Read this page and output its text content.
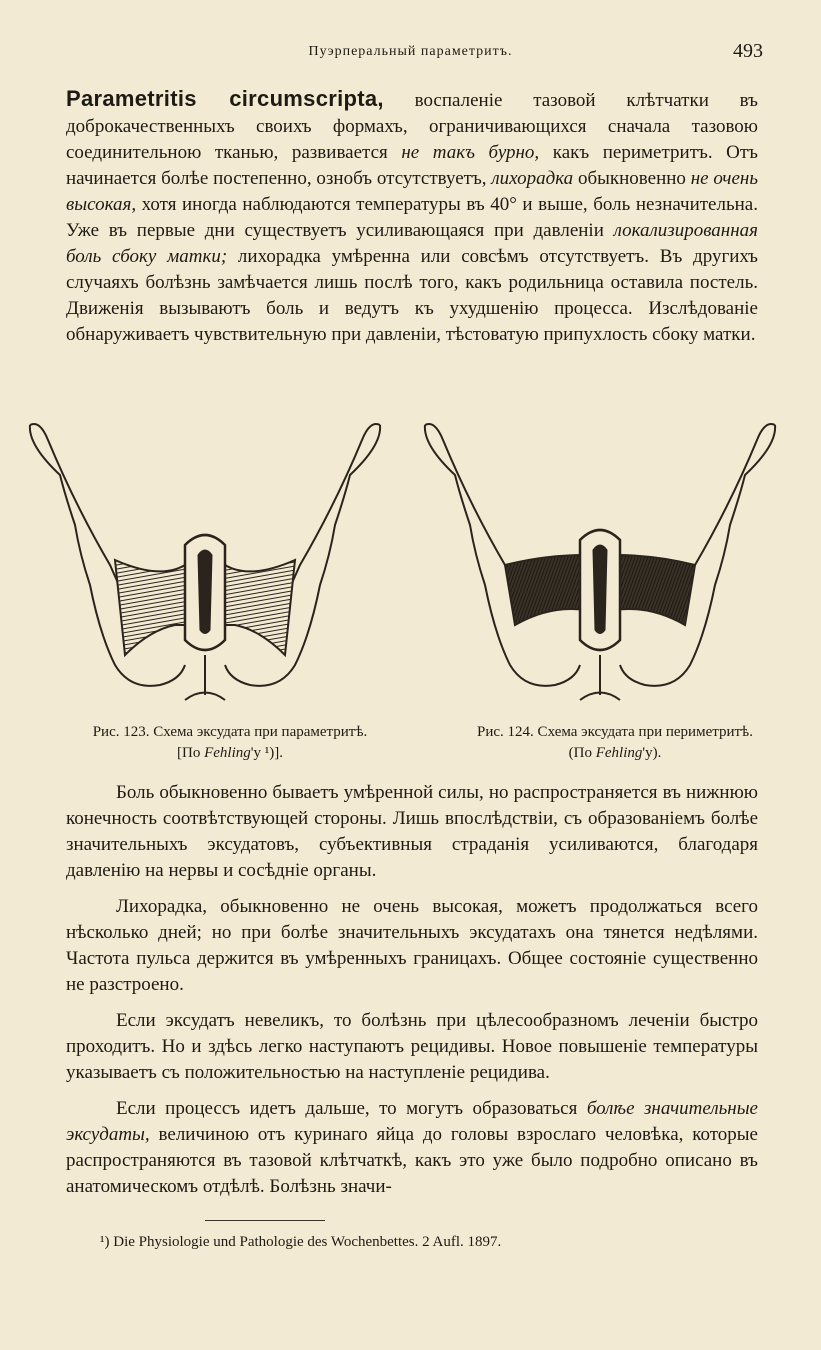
Пуэрперальный параметритъ.	493

Parametritis circumscripta, воспаленіе тазовой клѣтчатки въ доброкачественныхъ своихъ формахъ, ограничивающихся сначала тазовою соединительною тканью, развивается не такъ бурно, какъ периметритъ. Отъ начинается болѣе постепенно, ознобъ отсутствуетъ, лихорадка обыкновенно не очень высокая, хотя иногда наблюдаются температуры въ 40° и выше, боль незначительна. Уже въ первые дни существуетъ усиливающаяся при давленіи локализированная боль сбоку матки; лихорадка умѣренна или совсѣмъ отсутствуетъ. Въ другихъ случаяхъ болѣзнь замѣчается лишь послѣ того, какъ родильница оставила постель. Движенія вызываютъ боль и ведутъ къ ухудшенію процесса. Изслѣдованіе обнаруживаетъ чувствительную при давленіи, тѣстоватую припухлость сбоку матки.

Рис. 123. Схема эксудата при параметритѣ.
[По Fehling'у ¹)].
Рис. 124. Схема эксудата при периметритѣ.
(По Fehling'у).

Боль обыкновенно бываетъ умѣренной силы, но распространяется въ нижнюю конечность соотвѣтствующей стороны. Лишь впослѣдствіи, съ образованіемъ болѣе значительныхъ эксудатовъ, субъективныя страданія усиливаются, благодаря давленію на нервы и сосѣдніе органы.

Лихорадка, обыкновенно не очень высокая, можетъ продолжаться всего нѣсколько дней; но при болѣе значительныхъ эксудатахъ она тянется недѣлями. Частота пульса держится въ умѣренныхъ границахъ. Общее состояніе существенно не разстроено.

Если эксудатъ невеликъ, то болѣзнь при цѣлесообразномъ леченіи быстро проходитъ. Но и здѣсь легко наступаютъ рецидивы. Новое повышеніе температуры указываетъ съ положительностью на наступленіе рецидива.

Если процессъ идетъ дальше, то могутъ образоваться болѣе значительные эксудаты, величиною отъ куринаго яйца до головы взрослаго человѣка, которые распространяются въ тазовой клѣтчаткѣ, какъ это уже было подробно описано въ анатомическомъ отдѣлѣ. Болѣзнь значи-

¹) Die Physiologie und Pathologie des Wochenbettes. 2 Aufl. 1897.
